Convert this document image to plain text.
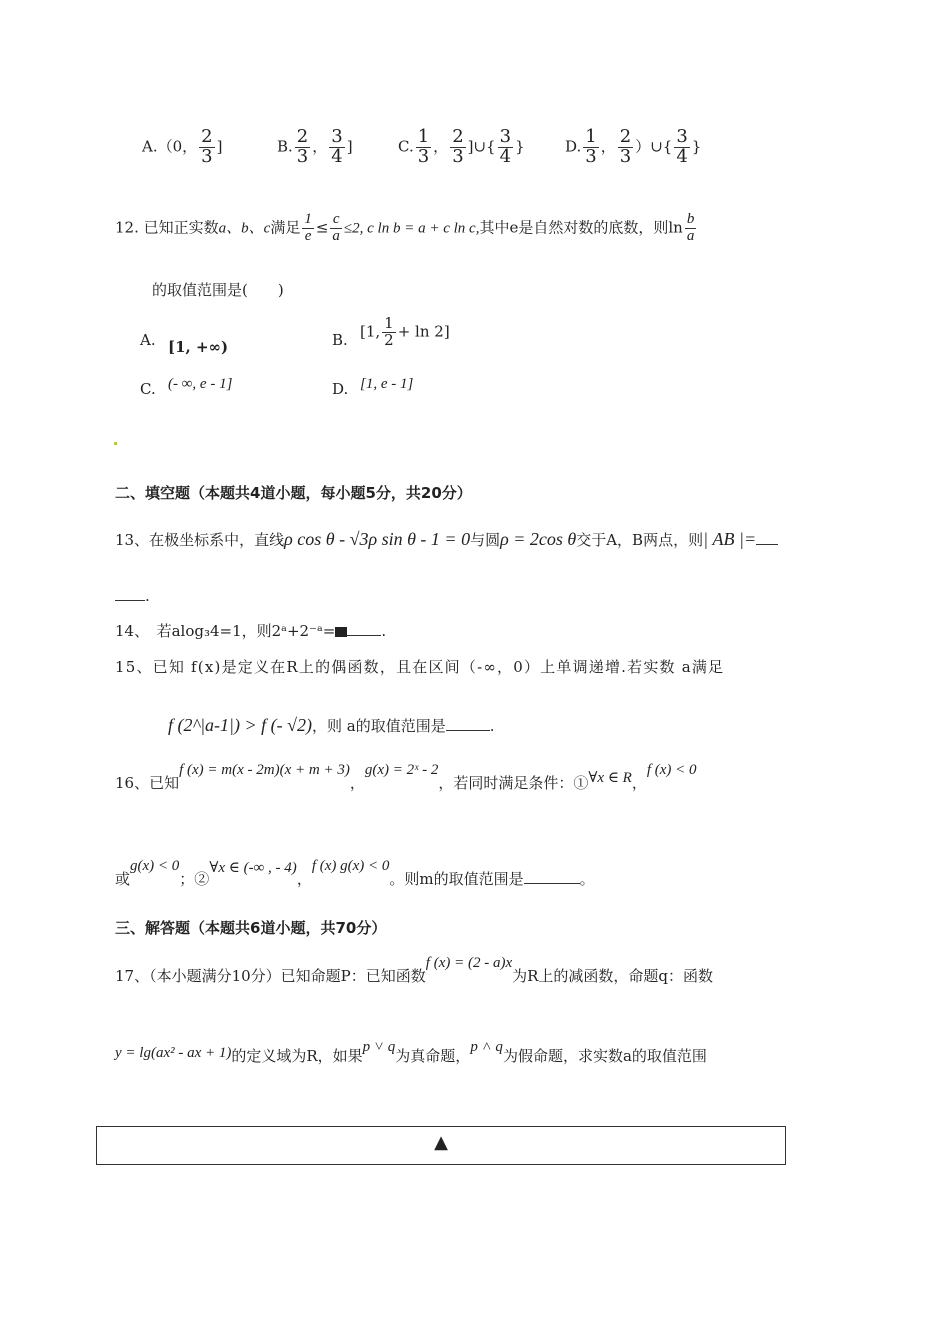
A.（0， $\frac{2}{3}$ ]	B. $\frac{2}{3}$ ， $\frac{3}{4}$ ]	C. $\frac{1}{3}$ ， $\frac{2}{3}$ ]∪{ $\frac{3}{4}$ }	D. $\frac{1}{3}$ ， $\frac{2}{3}$ ）∪{ $\frac{3}{4}$ }
12. 已知正实数a、b、c满足 $\frac{1}{e} \le \frac{c}{a} \le 2$, c ln b = a + c ln c,其中e是自然对数的底数，则$\ln \frac{b}{a}$
的取值范围是(　　)
A. [1, +∞)	B. [1, $\frac{1}{2} + \ln 2$]
C. (- ∞, e - 1]	D. [1, e - 1]
二、填空题（本题共4道小题，每小题5分，共20分）
13、在极坐标系中，直线ρ cos θ - √3ρ sin θ - 1 = 0与圆ρ = 2cos θ交于A，B两点，则| AB |=
.
14、　若alog₃4=1，则2ᵃ+2⁻ᵃ=	.
15、已知 f(x)是定义在R上的偶函数，且在区间（-∞，0）上单调递增.若实数 a满足
f (2^|a-1|) > f (- √2)，则 a的取值范围是	.
16、已知f (x) = m(x - 2m)(x + m + 3)，g(x) = 2ˣ - 2，若同时满足条件：①∀x ∈ R，f (x) < 0
或g(x) < 0；②∀x ∈ (-∞ , - 4)，f (x) g(x) < 0。则m的取值范围是	。
三、解答题（本题共6道小题，共70分）
17、（本小题满分10分）已知命题P：已知函数f (x) = (2 - a)x为R上的减函数，命题q：函数
y = lg(ax² - ax + 1)的定义域为R，如果p ˅ q为真命题，p ˄ q为假命题，求实数a的取值范围
▲
